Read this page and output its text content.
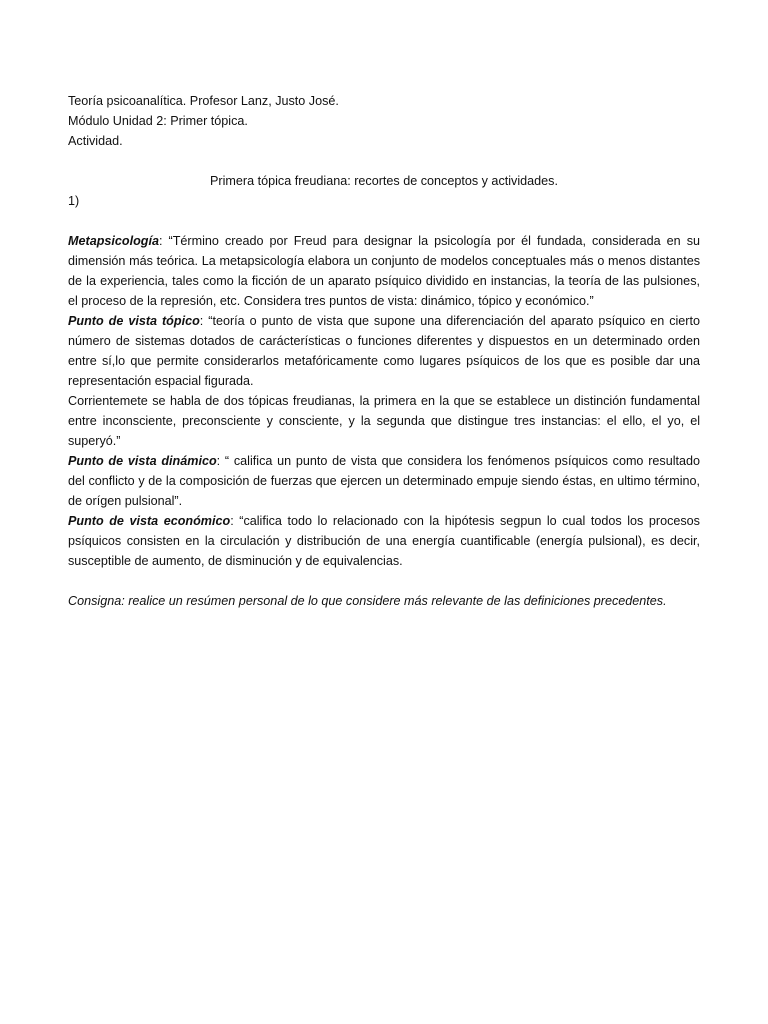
Teoría psicoanalítica. Profesor Lanz, Justo José.

Módulo Unidad 2: Primer tópica.

Actividad.

Primera tópica freudiana: recortes de conceptos y actividades.

1)

Metapsicología: “Término creado por Freud para designar la psicología por él fundada, considerada en su dimensión más teórica. La metapsicología elabora un conjunto de modelos conceptuales más o menos distantes de la experiencia, tales como la ficción de un aparato psíquico dividido en instancias, la teoría de las pulsiones, el proceso de la represión, etc. Considera tres puntos de vista: dinámico, tópico y económico.”

Punto de vista tópico: “teoría o punto de vista que supone una diferenciación del aparato psíquico en cierto número de sistemas dotados de carácterísticas o funciones diferentes y dispuestos en un determinado orden entre sí,lo que permite considerarlos metafóricamente como lugares psíquicos de los que es posible dar una representación espacial figurada.

Corrientemete se habla de dos tópicas freudianas, la primera en la que se establece un distinción fundamental entre inconsciente, preconsciente y consciente, y la segunda que distingue tres instancias: el ello, el yo, el superyó.”

Punto de vista dinámico: “ califica un punto de vista que considera los fenómenos psíquicos como resultado del conflicto y de la composición de fuerzas que ejercen un determinado empuje siendo éstas, en ultimo término, de orígen pulsional”.

Punto de vista económico: “califica todo lo relacionado con la hipótesis segpun lo cual todos los procesos psíquicos consisten en la circulación y distribución de una energía cuantificable (energía pulsional), es decir, susceptible de aumento, de disminución y de equivalencias.

Consigna: realice un resúmen personal de lo que considere más relevante de las definiciones precedentes.
